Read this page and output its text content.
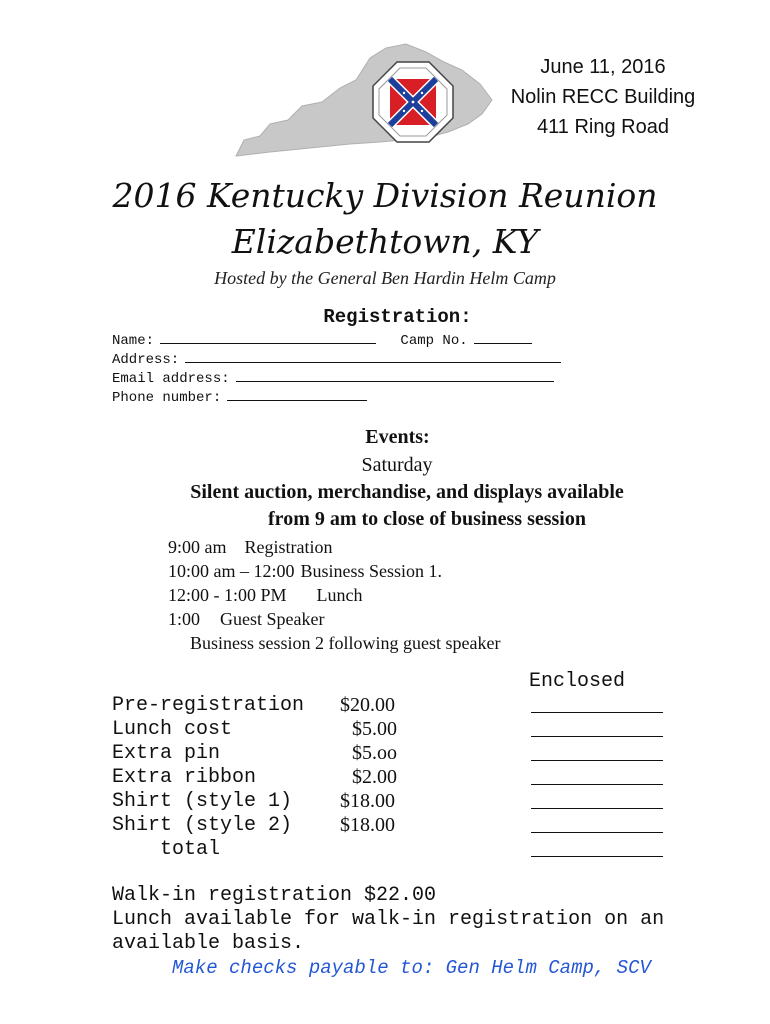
June 11, 2016
Nolin RECC Building
411 Ring Road
2016 Kentucky Division Reunion
Elizabethtown, KY
Hosted by the General Ben Hardin Helm Camp
Registration:
Name:	Camp No.
Address:
Email address:
Phone number:
Events:
Saturday
Silent auction, merchandise, and displays available
from 9 am to close of business session
9:00 am Registration
10:00 am – 12:00 Business Session 1.
12:00 - 1:00 PM Lunch
1:00 Guest Speaker
Business session 2 following guest speaker
Enclosed
Pre-registration $20.00
Lunch cost	$5.00
Extra pin	$5.oo
Extra ribbon	$2.00
Shirt (style 1) $18.00
Shirt (style 2) $18.00
total
Walk-in registration $22.00
Lunch available for walk-in registration on an
available basis.
Make checks payable to: Gen Helm Camp, SCV
